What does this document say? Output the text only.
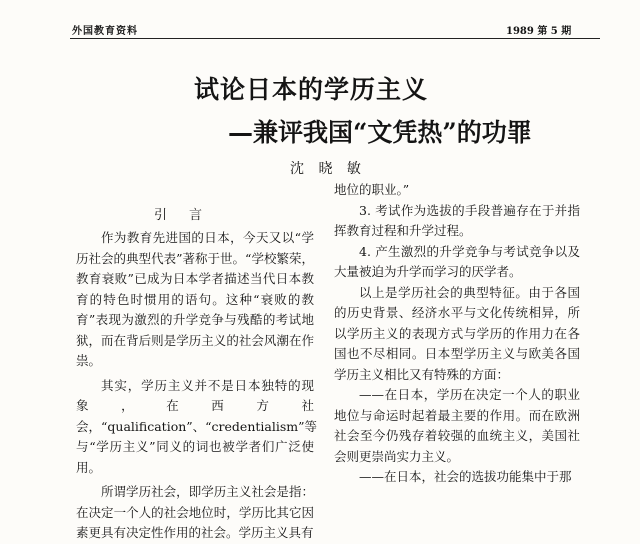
外国教育资料	1989 第 5 期
试论日本的学历主义
—兼评我国“文凭热”的功罪
沈 晓 敏
引言

作为教育先进国的日本，今天又以“学历社会的典型代表”著称于世。“学校繁荣，教育衰败”已成为日本学者描述当代日本教育的特色时惯用的语句。这种“衰败的教育”表现为激烈的升学竞争与残酷的考试地狱，而在背后则是学历主义的社会风潮在作祟。

其实，学历主义并不是日本独特的现象，在西方社会，“qualification”、“credentialism”等与“学历主义”同义的词也被学者们广泛使用。

所谓学历社会，即学历主义社会是指：在决定一个人的社会地位时，学历比其它因素更具有决定性作用的社会。学历主义具有

地位的职业。”

3. 考试作为选拔的手段普遍存在于并指挥教育过程和升学过程。

4. 产生激烈的升学竞争与考试竞争以及大量被迫为升学而学习的厌学者。

以上是学历社会的典型特征。由于各国的历史背景、经济水平与文化传统相异，所以学历主义的表现方式与学历的作用力在各国也不尽相同。日本型学历主义与欧美各国学历主义相比又有特殊的方面：

——在日本，学历在决定一个人的职业地位与命运时起着最主要的作用。而在欧洲社会至今仍残存着较强的血统主义，美国社会则更崇尚实力主义。

——在日本，社会的选拔功能集中于那
